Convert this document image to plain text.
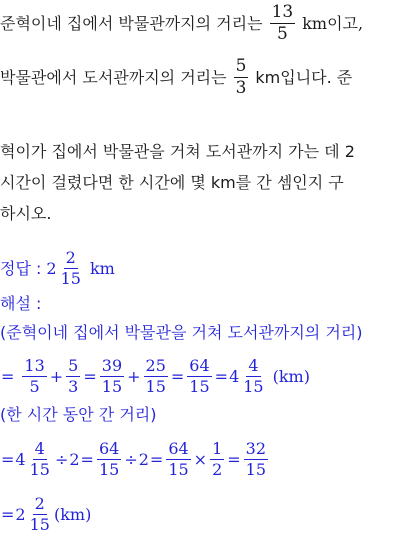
준혁이네 집에서 박물관까지의 거리는 $\frac{13}{5}$ km이고,
박물관에서 도서관까지의 거리는 $\frac{5}{3}$ km입니다. 준
혁이가 집에서 박물관을 거쳐 도서관까지 가는 데 2
시간이 걸렸다면 한 시간에 몇 km를 간 셈인지 구
하시오.
정답 : $2 \frac{2}{15}$ km
해설 :
(준혁이네 집에서 박물관을 거쳐 도서관까지의 거리)
= $\frac{13}{5} + \frac{5}{3} = \frac{39}{15} + \frac{25}{15} = \frac{64}{15} = 4 \frac{4}{15} (km)$
(한 시간 동안 간 거리)
= $4 \frac{4}{15} \div 2 = \frac{64}{15} \div 2 = \frac{64}{15} \times \frac{1}{2} = \frac{32}{15}$
= $2 \frac{2}{15} (km)$
